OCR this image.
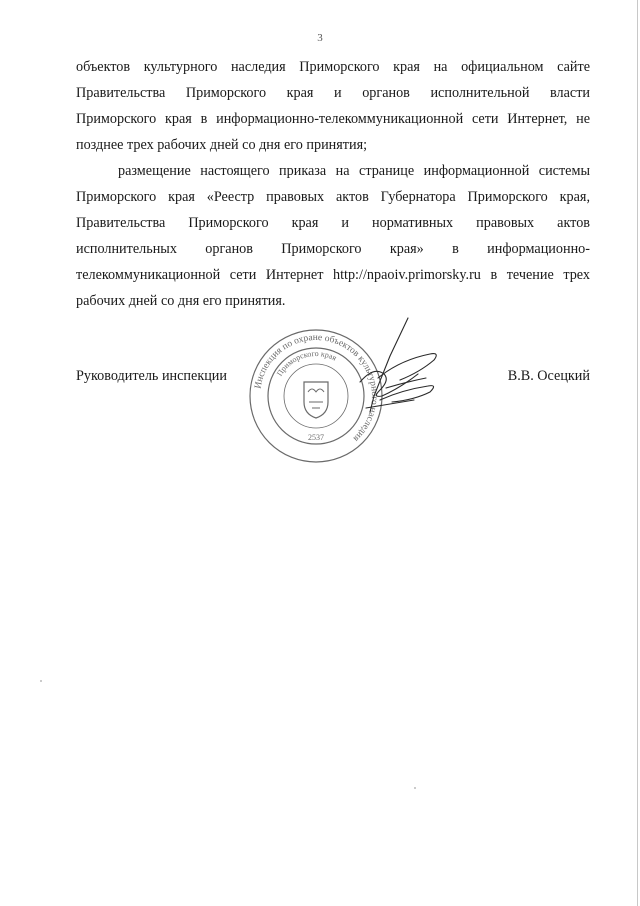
3
объектов культурного наследия Приморского края на официальном сайте
Правительства Приморского края и органов исполнительной власти
Приморского края в информационно-телекоммуникационной сети Интернет, не
позднее трех рабочих дней со дня его принятия;
размещение настоящего приказа на странице информационной системы
Приморского края «Реестр правовых актов Губернатора Приморского края,
Правительства Приморского края и нормативных правовых актов
исполнительных органов Приморского края» в информационно-
телекоммуникационной сети Интернет http://npaoiv.primorsky.ru в течение трех
рабочих дней со дня его принятия.
Инспекция по охране объектов культурного наследия
Приморского края
2537
Руководитель инспекции	В.В. Осецкий
